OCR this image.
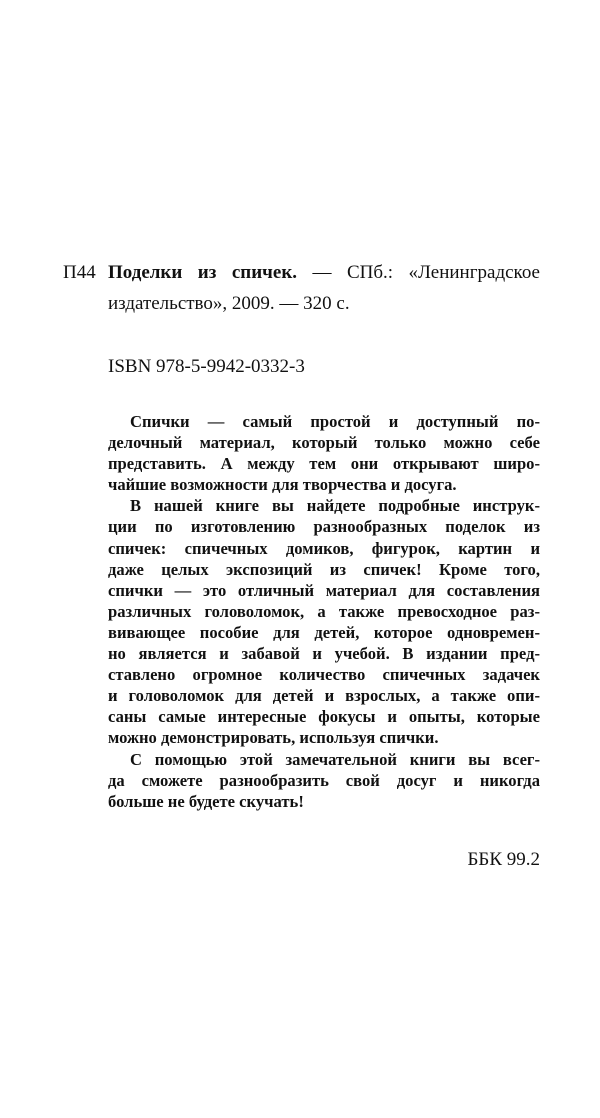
П44 Поделки из спичек. — СПб.: «Ленинградское
издательство», 2009. — 320 с.
ISBN 978-5-9942-0332-3
Спички — самый простой и доступный по-
делочный материал, который только можно себе
представить. А между тем они открывают широ-
чайшие возможности для творчества и досуга.
В нашей книге вы найдете подробные инструк-
ции по изготовлению разнообразных поделок из
спичек: спичечных домиков, фигурок, картин и
даже целых экспозиций из спичек! Кроме того,
спички — это отличный материал для составления
различных головоломок, а также превосходное раз-
вивающее пособие для детей, которое одновремен-
но является и забавой и учебой. В издании пред-
ставлено огромное количество спичечных задачек
и головоломок для детей и взрослых, а также опи-
саны самые интересные фокусы и опыты, которые
можно демонстрировать, используя спички.
С помощью этой замечательной книги вы всег-
да сможете разнообразить свой досуг и никогда
больше не будете скучать!
ББК 99.2
